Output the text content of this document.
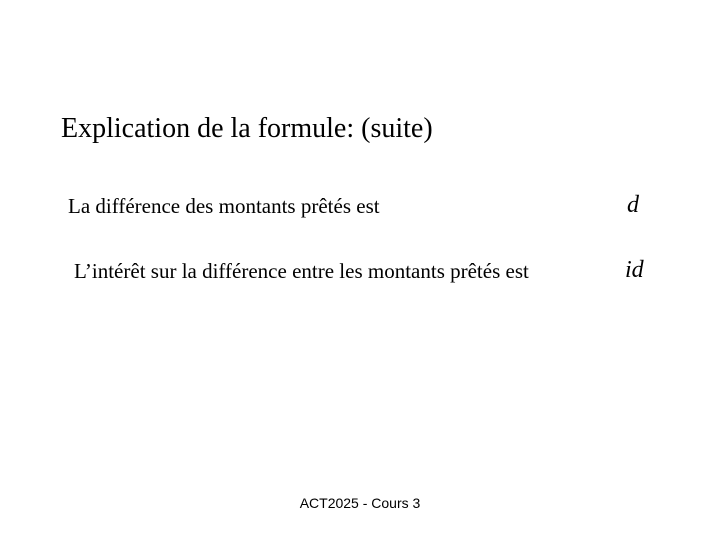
Explication de la formule: (suite)
La différence des montants prêtés est	d
L’intérêt sur la différence entre les montants prêtés est	id
ACT2025 - Cours 3
